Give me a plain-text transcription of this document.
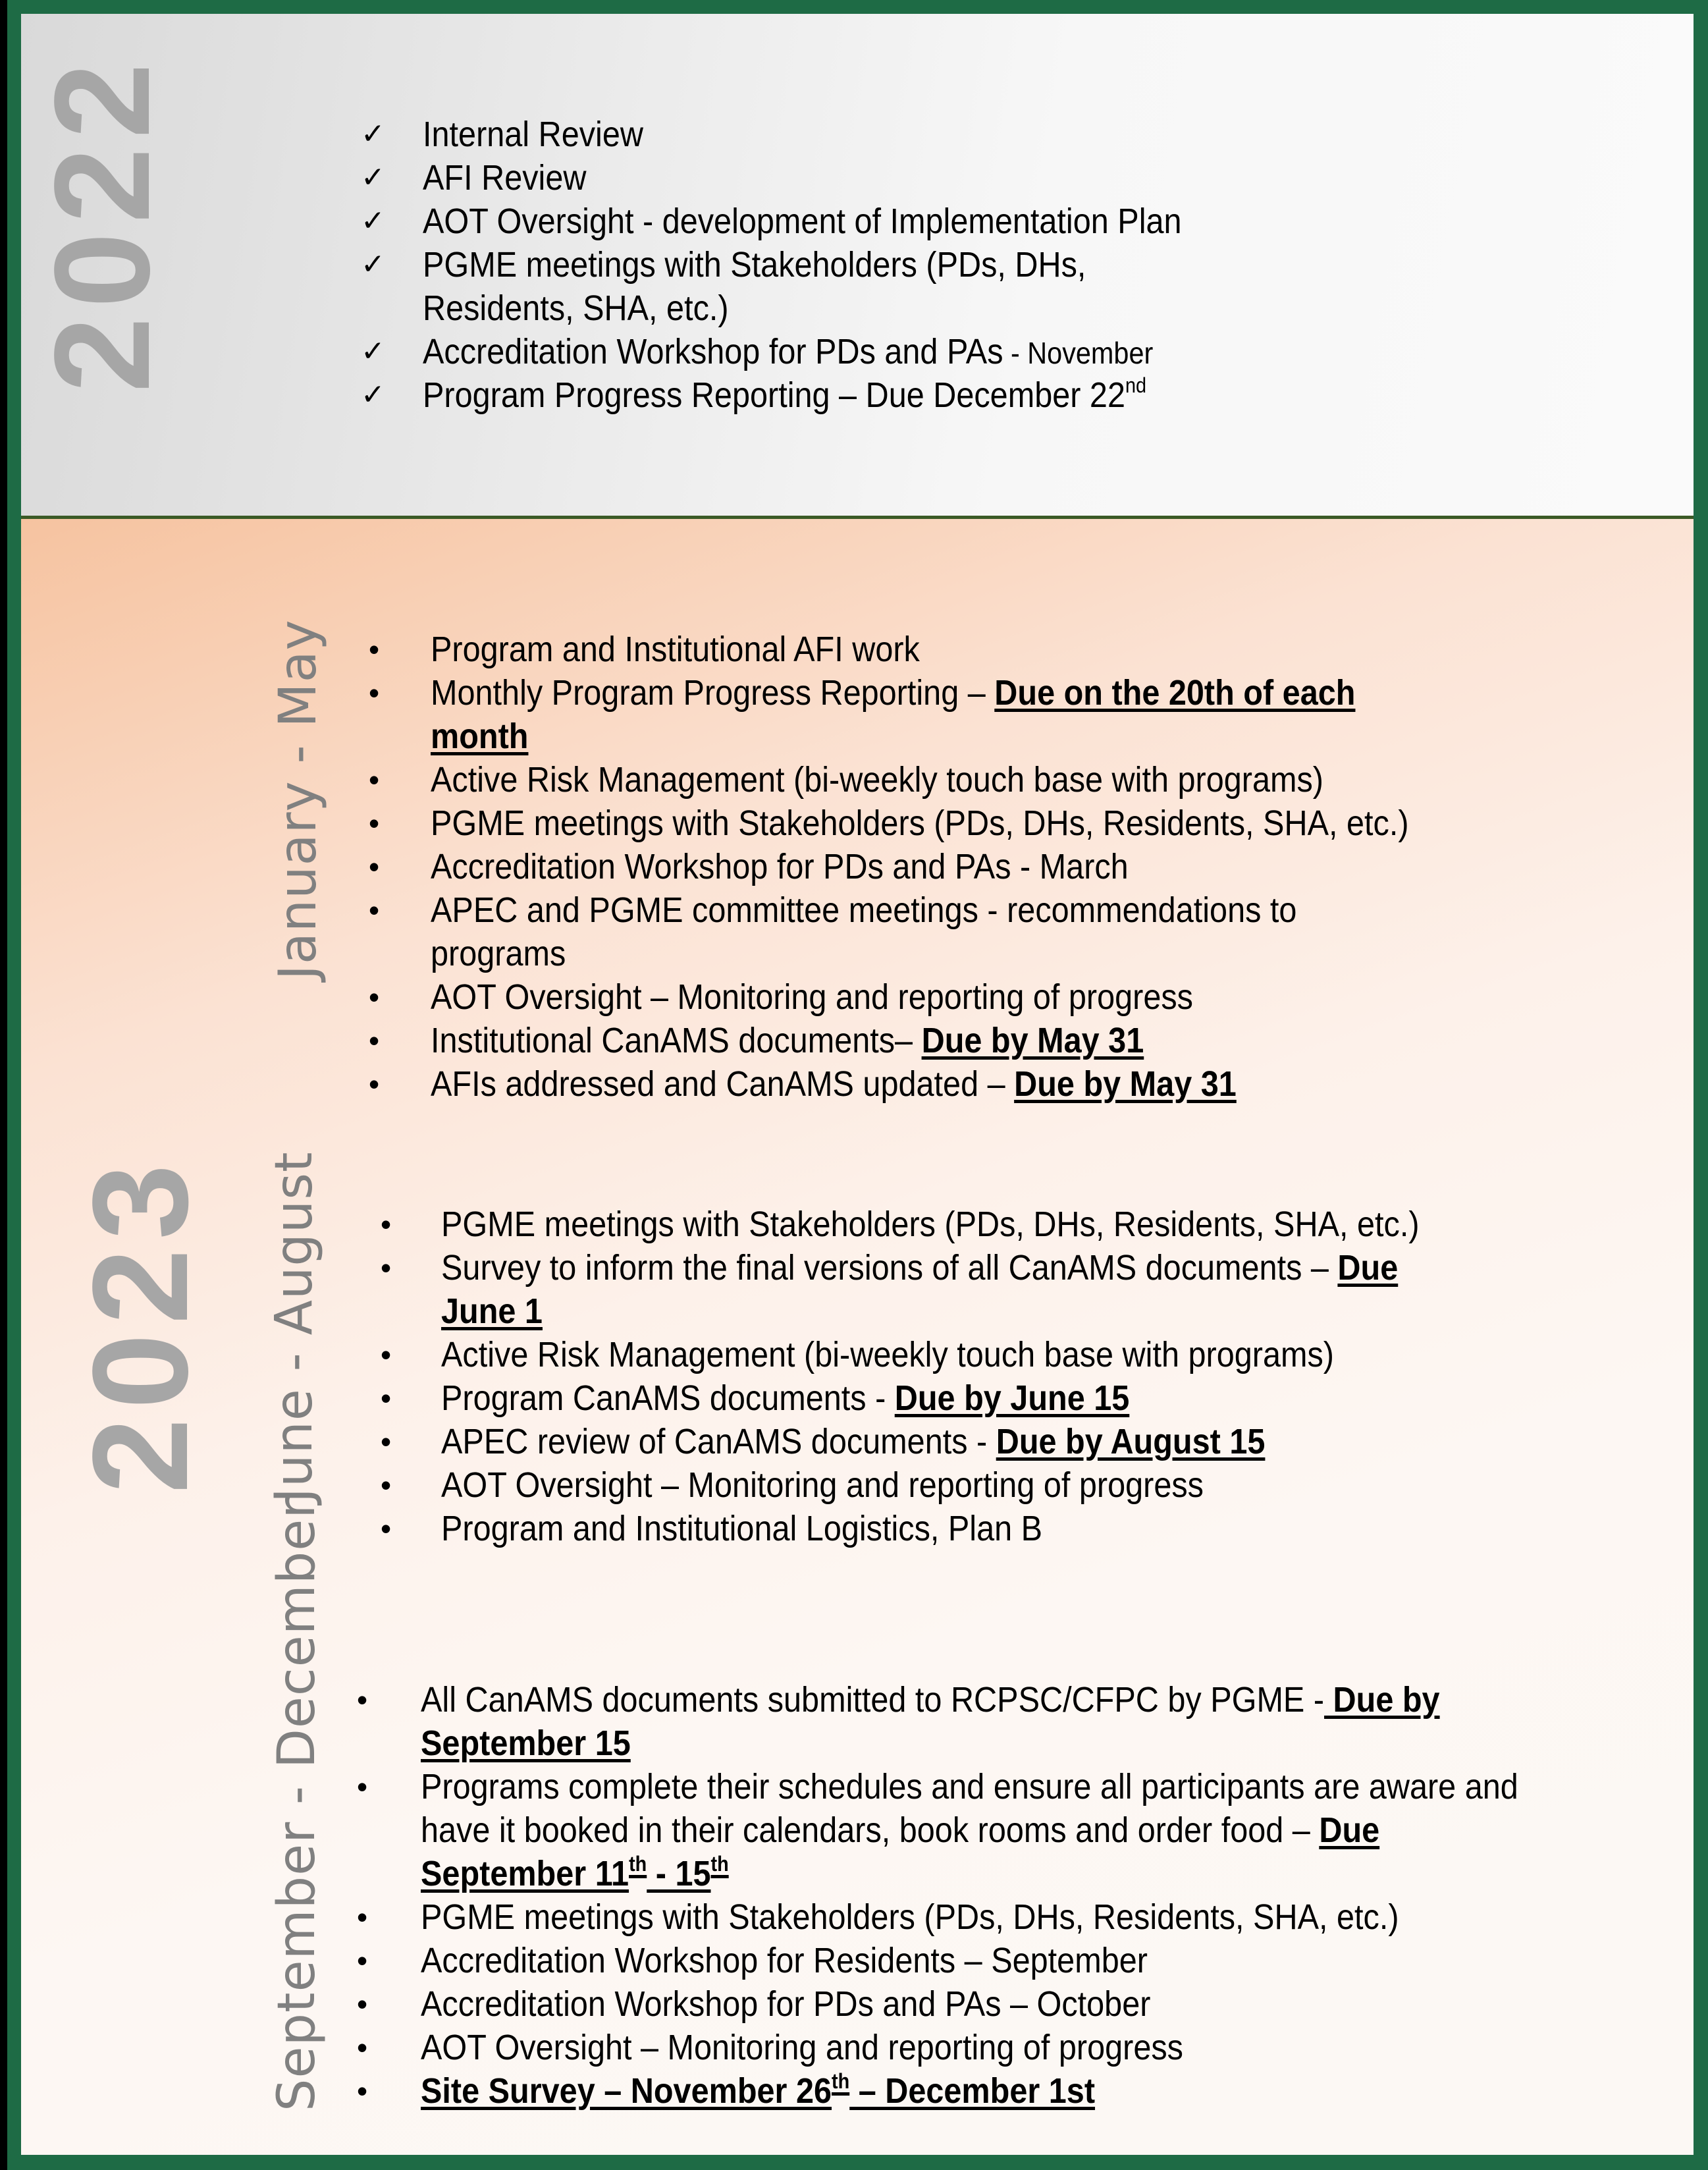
2022	✓ Internal Review
✓ AFI Review
✓ AOT Oversight - development of Implementation Plan
✓ PGME meetings with Stakeholders (PDs, DHs,
Residents, SHA, etc.)
✓ Accreditation Workshop for PDs and PAs - November
✓ Program Progress Reporting – Due December 22nd
2023
January - May
June - August
September - December
• Program and Institutional AFI work
• Monthly Program Progress Reporting – Due on the 20th of each
month
• Active Risk Management (bi-weekly touch base with programs)
• PGME meetings with Stakeholders (PDs, DHs, Residents, SHA, etc.)
• Accreditation Workshop for PDs and PAs - March
• APEC and PGME committee meetings - recommendations to
programs
• AOT Oversight – Monitoring and reporting of progress
• Institutional CanAMS documents– Due by May 31
• AFIs addressed and CanAMS updated – Due by May 31
• PGME meetings with Stakeholders (PDs, DHs, Residents, SHA, etc.)
• Survey to inform the final versions of all CanAMS documents – Due
June 1
• Active Risk Management (bi-weekly touch base with programs)
• Program CanAMS documents - Due by June 15
• APEC review of CanAMS documents - Due by August 15
• AOT Oversight – Monitoring and reporting of progress
• Program and Institutional Logistics, Plan B
• All CanAMS documents submitted to RCPSC/CFPC by PGME - Due by
September 15
• Programs complete their schedules and ensure all participants are aware and
have it booked in their calendars, book rooms and order food – Due
September 11th - 15th
• PGME meetings with Stakeholders (PDs, DHs, Residents, SHA, etc.)
• Accreditation Workshop for Residents – September
• Accreditation Workshop for PDs and PAs – October
• AOT Oversight – Monitoring and reporting of progress
• Site Survey – November 26th – December 1st
